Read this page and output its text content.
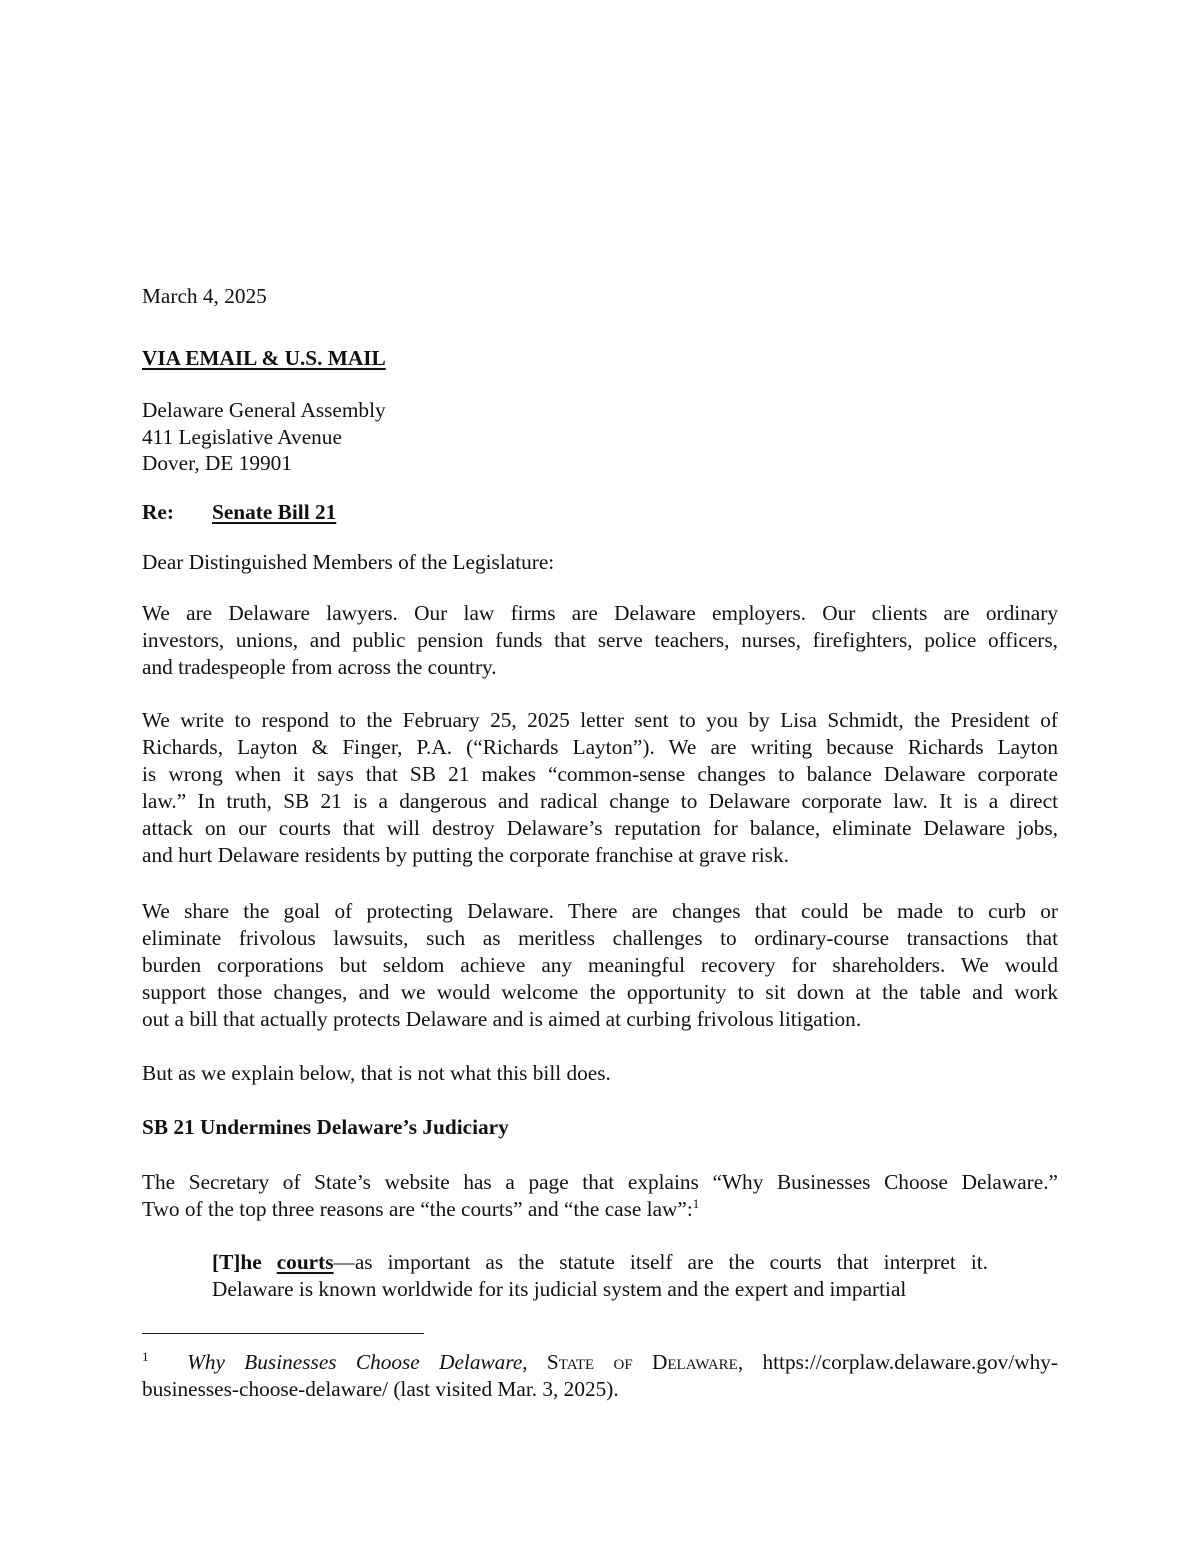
March 4, 2025
VIA EMAIL & U.S. MAIL
Delaware General Assembly
411 Legislative Avenue
Dover, DE 19901
Re: Senate Bill 21
Dear Distinguished Members of the Legislature:
We are Delaware lawyers. Our law firms are Delaware employers. Our clients are ordinary
investors, unions, and public pension funds that serve teachers, nurses, firefighters, police officers,
and tradespeople from across the country.
We write to respond to the February 25, 2025 letter sent to you by Lisa Schmidt, the President of
Richards, Layton & Finger, P.A. (“Richards Layton”). We are writing because Richards Layton
is wrong when it says that SB 21 makes “common-sense changes to balance Delaware corporate
law.” In truth, SB 21 is a dangerous and radical change to Delaware corporate law. It is a direct
attack on our courts that will destroy Delaware’s reputation for balance, eliminate Delaware jobs,
and hurt Delaware residents by putting the corporate franchise at grave risk.
We share the goal of protecting Delaware. There are changes that could be made to curb or
eliminate frivolous lawsuits, such as meritless challenges to ordinary-course transactions that
burden corporations but seldom achieve any meaningful recovery for shareholders. We would
support those changes, and we would welcome the opportunity to sit down at the table and work
out a bill that actually protects Delaware and is aimed at curbing frivolous litigation.
But as we explain below, that is not what this bill does.
SB 21 Undermines Delaware’s Judiciary
The Secretary of State’s website has a page that explains “Why Businesses Choose Delaware.”
Two of the top three reasons are “the courts” and “the case law”:$^1$
[T]he courts—as important as the statute itself are the courts that interpret it.
Delaware is known worldwide for its judicial system and the expert and impartial
$^1$ Why Businesses Choose Delaware, State of Delaware, https://corplaw.delaware.gov/why-
businesses-choose-delaware/ (last visited Mar. 3, 2025).
